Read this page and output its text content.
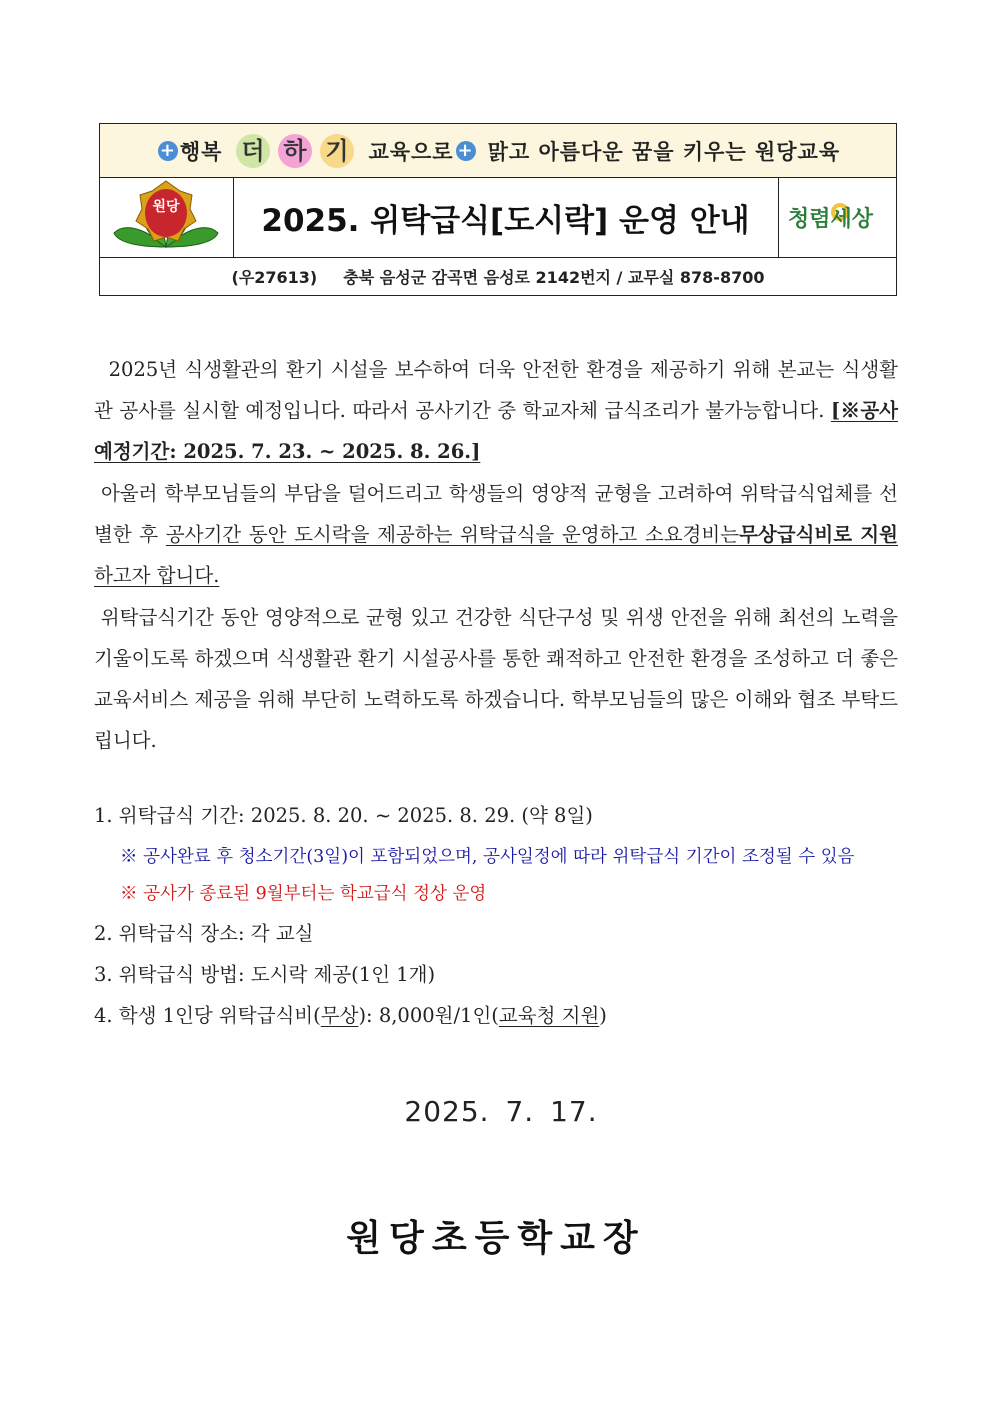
+ 행복 더 하 기 교육으로 + 맑고 아름다운 꿈을 키우는 원당교육
원당	2025. 위탁급식[도시락] 운영 안내	청렴세상
(우27613) 충북 음성군 감곡면 음성로 2142번지 / 교무실 878-8700
2025년 식생활관의 환기 시설을 보수하여 더욱 안전한 환경을 제공하기 위해 본교는 식생활관 공사를 실시할 예정입니다. 따라서 공사기간 중 학교자체 급식조리가 불가능합니다. [※공사예정기간: 2025. 7. 23. ~ 2025. 8. 26.]
아울러 학부모님들의 부담을 덜어드리고 학생들의 영양적 균형을 고려하여 위탁급식업체를 선별한 후 공사기간 동안 도시락을 제공하는 위탁급식을 운영하고 소요경비는무상급식비로 지원하고자 합니다.
위탁급식기간 동안 영양적으로 균형 있고 건강한 식단구성 및 위생 안전을 위해 최선의 노력을 기울이도록 하겠으며 식생활관 환기 시설공사를 통한 쾌적하고 안전한 환경을 조성하고 더 좋은 교육서비스 제공을 위해 부단히 노력하도록 하겠습니다. 학부모님들의 많은 이해와 협조 부탁드립니다.
1. 위탁급식 기간: 2025. 8. 20. ~ 2025. 8. 29. (약 8일)
※ 공사완료 후 청소기간(3일)이 포함되었으며, 공사일정에 따라 위탁급식 기간이 조정될 수 있음
※ 공사가 종료된 9월부터는 학교급식 정상 운영
2. 위탁급식 장소: 각 교실
3. 위탁급식 방법: 도시락 제공(1인 1개)
4. 학생 1인당 위탁급식비(무상): 8,000원/1인(교육청 지원)
2025. 7. 17.
원당초등학교장
